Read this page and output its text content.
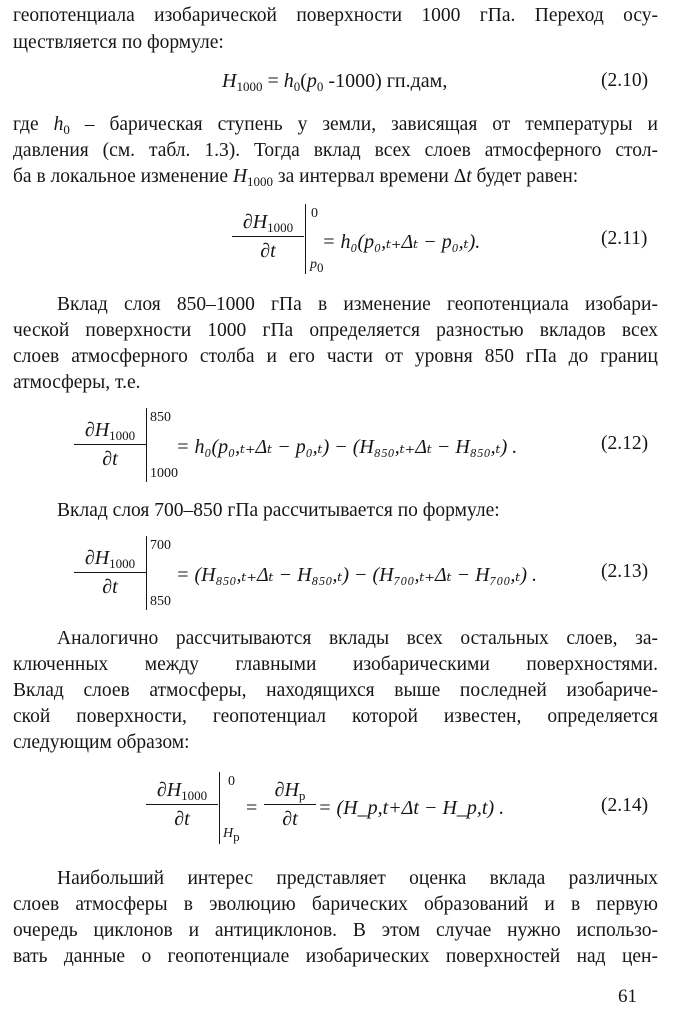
геопотенциала изобарической поверхности 1000 гПа. Переход осу-
ществляется по формуле:
$H_{1000} = h_0(p_0$ -1000) гп.дам,	(2.10)
где $h_0$ – барическая ступень у земли, зависящая от температуры и
давления (см. табл. 1.3). Тогда вклад всех слоев атмосферного стол-
ба в локальное изменение $H_{1000}$ за интервал времени Δt будет равен:
$\partial H_{1000}$
∂t
0
$p_0$
= h₀(p₀,ₜ₊Δₜ − p₀,ₜ).	(2.11)
Вклад слоя 850–1000 гПа в изменение геопотенциала изобари-
ческой поверхности 1000 гПа определяется разностью вкладов всех
слоев атмосферного столба и его части от уровня 850 гПа до границ
атмосферы, т.е.
$\partial H_{1000}$
∂t
850
1000
= h₀(p₀,ₜ₊Δₜ − p₀,ₜ) − (H₈₅₀,ₜ₊Δₜ − H₈₅₀,ₜ) .	(2.12)
Вклад слоя 700–850 гПа рассчитывается по формуле:
$\partial H_{1000}$
∂t
700
850
= (H₈₅₀,ₜ₊Δₜ − H₈₅₀,ₜ) − (H₇₀₀,ₜ₊Δₜ − H₇₀₀,ₜ) .	(2.13)
Аналогично рассчитываются вклады всех остальных слоев, за-
ключенных между главными изобарическими поверхностями.
Вклад слоев атмосферы, находящихся выше последней изобариче-
ской поверхности, геопотенциал которой известен, определяется
следующим образом:
$\partial H_{1000}$
∂t
0
$H_p$
=
$\partial H_p$
∂t	= (H_p,t+Δt − H_p,t) .	(2.14)
Наибольший интерес представляет оценка вклада различных
слоев атмосферы в эволюцию барических образований и в первую
очередь циклонов и антициклонов. В этом случае нужно использо-
вать данные о геопотенциале изобарических поверхностей над цен-
61
